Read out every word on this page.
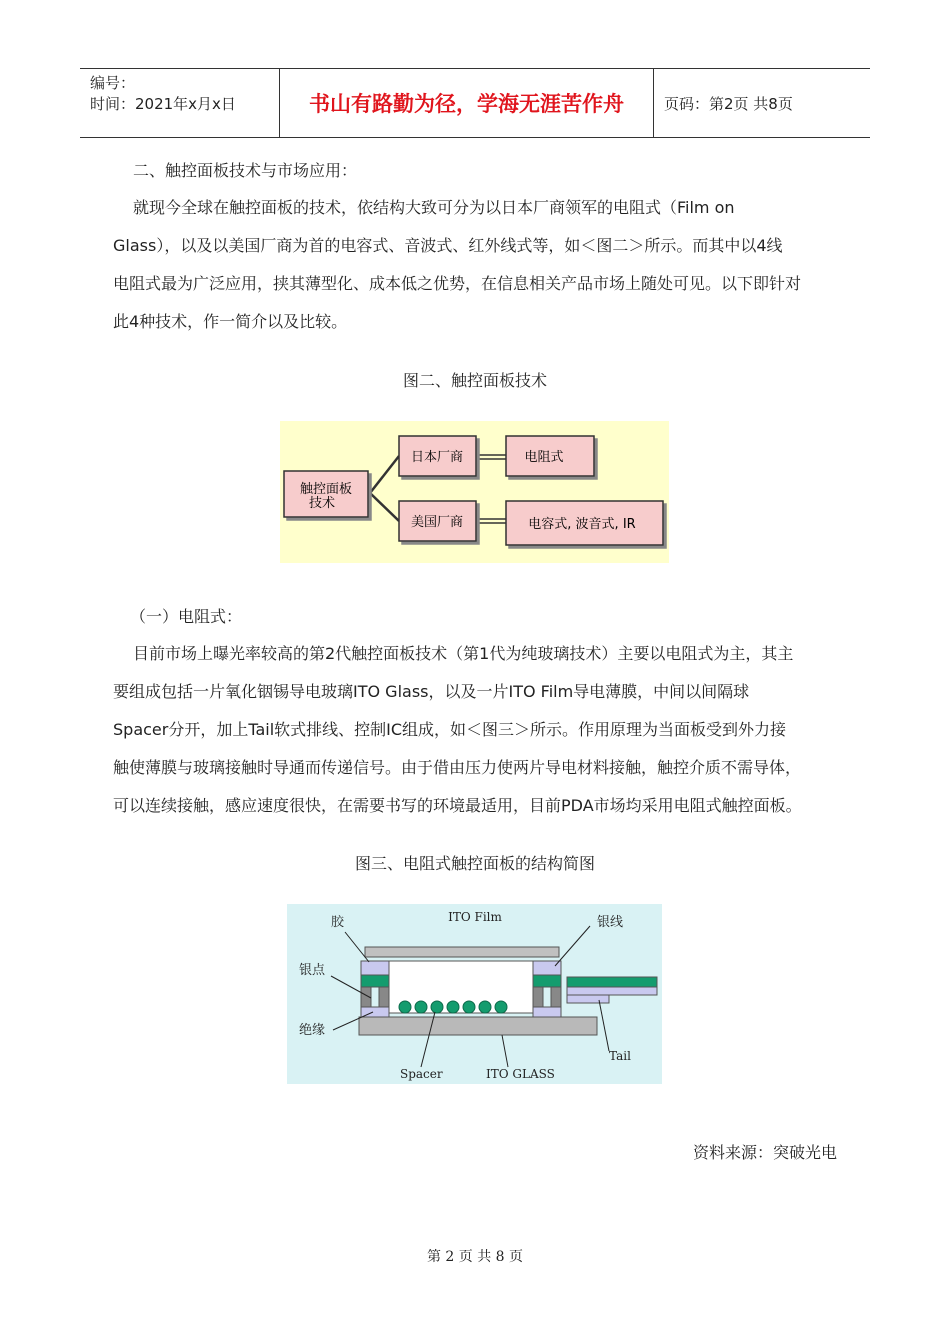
编号：
时间：2021年x月x日	书山有路勤为径，学海无涯苦作舟	页码：第2页 共8页
二、触控面板技术与市场应用：
就现今全球在触控面板的技术，依结构大致可分为以日本厂商领军的电阻式（Film on
Glass），以及以美国厂商为首的电容式、音波式、红外线式等，如＜图二＞所示。而其中以4线
电阻式最为广泛应用，挟其薄型化、成本低之优势，在信息相关产品市场上随处可见。以下即针对
此4种技术，作一简介以及比较。
图二、触控面板技术
触控面板
技术
日本厂商	电阻式
美国厂商	电容式, 波音式, IR
（一）电阻式：
目前市场上曝光率较高的第2代触控面板技术（第1代为纯玻璃技术）主要以电阻式为主，其主
要组成包括一片氧化铟锡导电玻璃ITO Glass，以及一片ITO Film导电薄膜，中间以间隔球
Spacer分开，加上Tail软式排线、控制IC组成，如＜图三＞所示。作用原理为当面板受到外力接
触使薄膜与玻璃接触时导通而传递信号。由于借由压力使两片导电材料接触，触控介质不需导体，
可以连续接触，感应速度很快，在需要书写的环境最适用，目前PDA市场均采用电阻式触控面板。
图三、电阻式触控面板的结构简图
ITO Film
胶	银线
银点
绝缘
Tail
Spacer	ITO GLASS
资料来源：突破光电
第 2 页 共 8 页
